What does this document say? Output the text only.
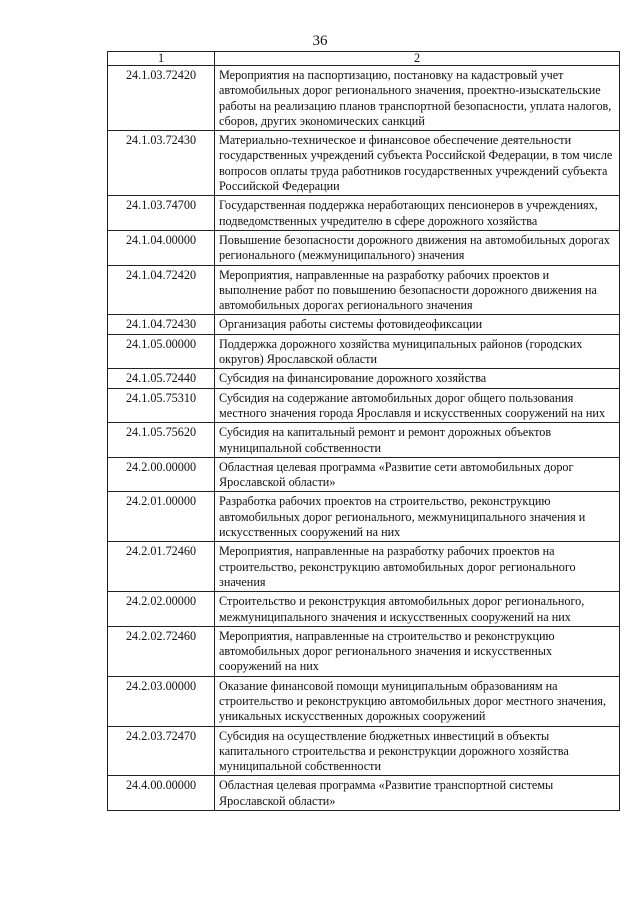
36
1	2
24.1.03.72420	Мероприятия на паспортизацию, постановку на кадастровый учет автомобильных дорог регионального значения, проектно-изыскательские работы на реализацию планов транспортной безопасности, уплата налогов, сборов, других экономических санкций
24.1.03.72430	Материально-техническое и финансовое обеспечение деятельности государственных учреждений субъекта Российской Федерации, в том числе вопросов оплаты труда работников государственных учреждений субъекта Российской Федерации
24.1.03.74700	Государственная поддержка неработающих пенсионеров в учреждениях, подведомственных учредителю в сфере дорожного хозяйства
24.1.04.00000	Повышение безопасности дорожного движения на автомобильных дорогах регионального (межмуниципального) значения
24.1.04.72420	Мероприятия, направленные на разработку рабочих проектов и выполнение работ по повышению безопасности дорожного движения на автомобильных дорогах регионального значения
24.1.04.72430	Организация работы системы фотовидеофиксации
24.1.05.00000	Поддержка дорожного хозяйства муниципальных районов (городских округов) Ярославской области
24.1.05.72440	Субсидия на финансирование дорожного хозяйства
24.1.05.75310	Субсидия на содержание автомобильных дорог общего пользования местного значения города Ярославля и искусственных сооружений на них
24.1.05.75620	Субсидия на капитальный ремонт и ремонт дорожных объектов муниципальной собственности
24.2.00.00000	Областная целевая программа «Развитие сети автомобильных дорог Ярославской области»
24.2.01.00000	Разработка рабочих проектов на строительство, реконструкцию автомобильных дорог регионального, межмуниципального значения и искусственных сооружений на них
24.2.01.72460	Мероприятия, направленные на разработку рабочих проектов на строительство, реконструкцию автомобильных дорог регионального значения
24.2.02.00000	Строительство и реконструкция автомобильных дорог регионального, межмуниципального значения и искусственных сооружений на них
24.2.02.72460	Мероприятия, направленные на строительство и реконструкцию автомобильных дорог регионального значения и искусственных сооружений на них
24.2.03.00000	Оказание финансовой помощи муниципальным образованиям на строительство и реконструкцию автомобильных дорог местного значения, уникальных искусственных дорожных сооружений
24.2.03.72470	Субсидия на осуществление бюджетных инвестиций в объекты капитального строительства и реконструкции дорожного хозяйства муниципальной собственности
24.4.00.00000	Областная целевая программа «Развитие транспортной системы Ярославской области»
